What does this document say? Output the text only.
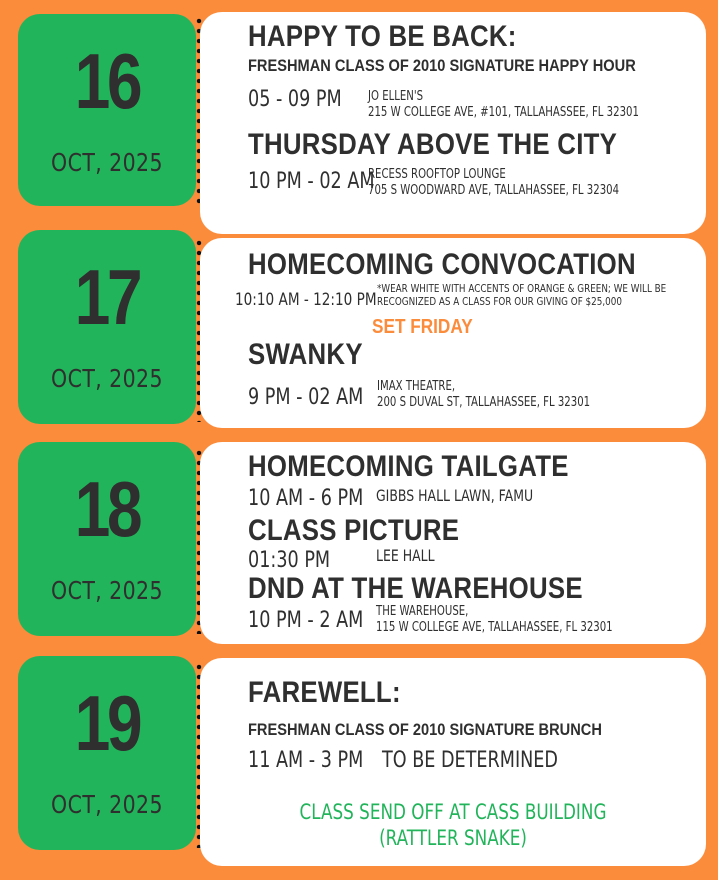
16
OCT, 2025
HAPPY TO BE BACK:
FRESHMAN CLASS OF 2010 SIGNATURE HAPPY HOUR
05 - 09 PM JO ELLEN'S
215 W COLLEGE AVE, #101, TALLAHASSEE, FL 32301
THURSDAY ABOVE THE CITY
10 PM - 02 AM
RECESS ROOFTOP LOUNGE
705 S WOODWARD AVE, TALLAHASSEE, FL 32304
17
OCT, 2025
HOMECOMING CONVOCATION
10:10 AM - 12:10 PM
*WEAR WHITE WITH ACCENTS OF ORANGE & GREEN; WE WILL BE
RECOGNIZED AS A CLASS FOR OUR GIVING OF $25,000
SET FRIDAY
SWANKY
9 PM - 02 AM IMAX THEATRE,
200 S DUVAL ST, TALLAHASSEE, FL 32301
18
OCT, 2025
HOMECOMING TAILGATE
10 AM - 6 PM GIBBS HALL LAWN, FAMU
CLASS PICTURE
01:30 PM	LEE HALL
DND AT THE WAREHOUSE
10 PM - 2 AM THE WAREHOUSE,
115 W COLLEGE AVE, TALLAHASSEE, FL 32301
19
OCT, 2025
FAREWELL:
FRESHMAN CLASS OF 2010 SIGNATURE BRUNCH
11 AM - 3 PM TO BE DETERMINED
CLASS SEND OFF AT CASS BUILDING
(RATTLER SNAKE)
